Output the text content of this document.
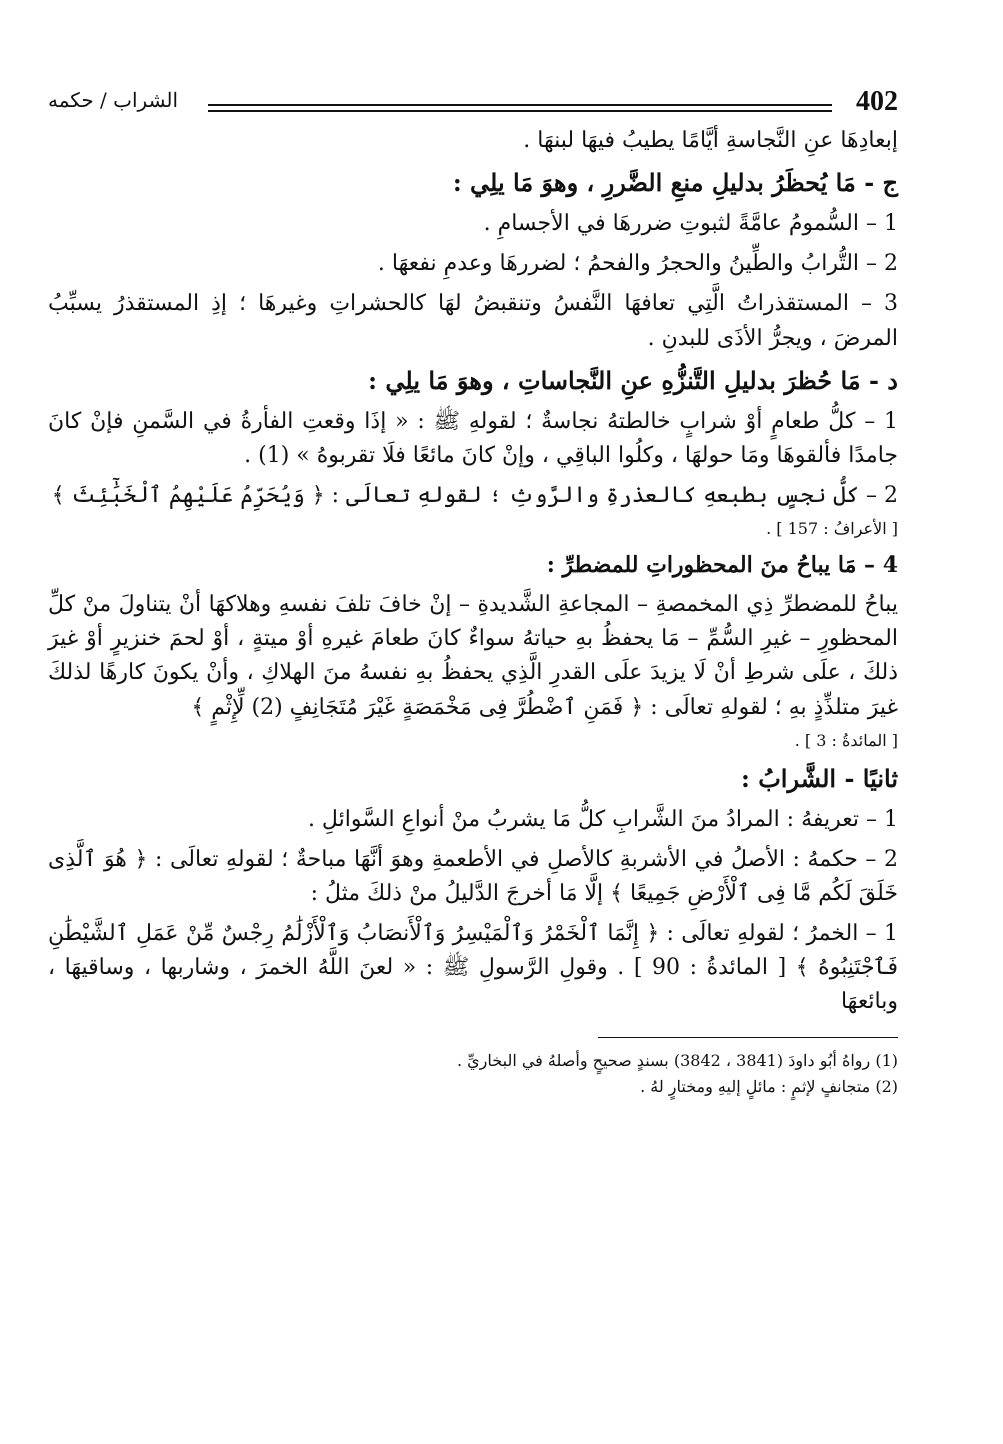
402
الشراب / حكمه

إبعادِهَا عنِ النَّجاسةِ أيَّامًا يطيبُ فيهَا لبنهَا .

ج - مَا يُحظَرُ بدليلِ منعِ الضَّررِ ، وهوَ مَا يلِي :

1 – السُّمومُ عامَّةً لثبوتِ ضررهَا في الأجسامِ .

2 – التُّرابُ والطِّينُ والحجرُ والفحمُ ؛ لضررهَا وعدمِ نفعهَا .

3 – المستقذراتُ الَّتِي تعافهَا النَّفسُ وتنقبضُ لهَا كالحشراتِ وغيرهَا ؛ إذِ المستقذرُ يسبِّبُ المرضَ ، ويجرُّ الأذَى للبدنِ .

د - مَا حُظرَ بدليلِ التَّنزُّهِ عنِ النَّجاساتِ ، وهوَ مَا يلِي :

1 – كلُّ طعامٍ أوْ شرابٍ خالطتهُ نجاسةٌ ؛ لقولهِ ﷺ : « إذَا وقعتِ الفأرةُ في السَّمنِ فإنْ كانَ جامدًا فألقوهَا ومَا حولهَا ، وكلُوا الباقِي ، وإنْ كانَ مائعًا فلَا تقربوهُ » (1) .

2 – كلُّ نجسٍ بطبعهِ كالعذرةِ والرَّوثِ ؛ لقولهِ تعالَى : ﴿ وَيُحَرِّمُ عَلَيْهِمُ ٱلْخَبَٰٓئِثَ ﴾

[ الأعرافُ : 157 ] .

4 – مَا يباحُ منَ المحظوراتِ للمضطرِّ :

يباحُ للمضطرِّ ذِي المخمصةِ – المجاعةِ الشَّديدةِ – إنْ خافَ تلفَ نفسهِ وهلاكهَا أنْ يتناولَ منْ كلِّ المحظورِ – غيرِ السُّمِّ – مَا يحفظُ بهِ حياتهُ سواءٌ كانَ طعامَ غيرهِ أوْ ميتةٍ ، أوْ لحمَ خنزيرٍ أوْ غيرَ ذلكَ ، علَى شرطِ أنْ لَا يزيدَ علَى القدرِ الَّذِي يحفظُ بهِ نفسهُ منَ الهلاكِ ، وأنْ يكونَ كارهًا لذلكَ غيرَ متلذِّذٍ بهِ ؛ لقولهِ تعالَى : ﴿ فَمَنِ ٱضْطُرَّ فِى مَخْمَصَةٍ غَيْرَ مُتَجَانِفٍ (2) لِّإِثْمٍ ﴾

[ المائدةُ : 3 ] .

ثانيًا - الشَّرابُ :

1 – تعريفهُ : المرادُ منَ الشَّرابِ كلُّ مَا يشربُ منْ أنواعِ السَّوائلِ .

2 – حكمهُ : الأصلُ في الأشربةِ كالأصلِ في الأطعمةِ وهوَ أنَّهَا مباحةٌ ؛ لقولهِ تعالَى : ﴿ هُوَ ٱلَّذِى خَلَقَ لَكُم مَّا فِى ٱلْأَرْضِ جَمِيعًا ﴾ إلَّا مَا أخرجَ الدَّليلُ منْ ذلكَ مثلُ :

1 – الخمرُ ؛ لقولهِ تعالَى : ﴿ إِنَّمَا ٱلْخَمْرُ وَٱلْمَيْسِرُ وَٱلْأَنصَابُ وَٱلْأَزْلَٰمُ رِجْسٌ مِّنْ عَمَلِ ٱلشَّيْطَٰنِ فَٱجْتَنِبُوهُ ﴾ [ المائدةُ : 90 ] . وقولِ الرَّسولِ ﷺ : « لعنَ اللَّهُ الخمرَ ، وشاربها ، وساقيهَا ، وبائعهَا

(1) رواهُ أبُو داودَ (3841 ، 3842) بسندٍ صحيحٍ وأصلهُ في البخاريِّ .
(2) متجانفٍ لإثمٍ : مائلٍ إليهِ ومختارٍ لهُ .
